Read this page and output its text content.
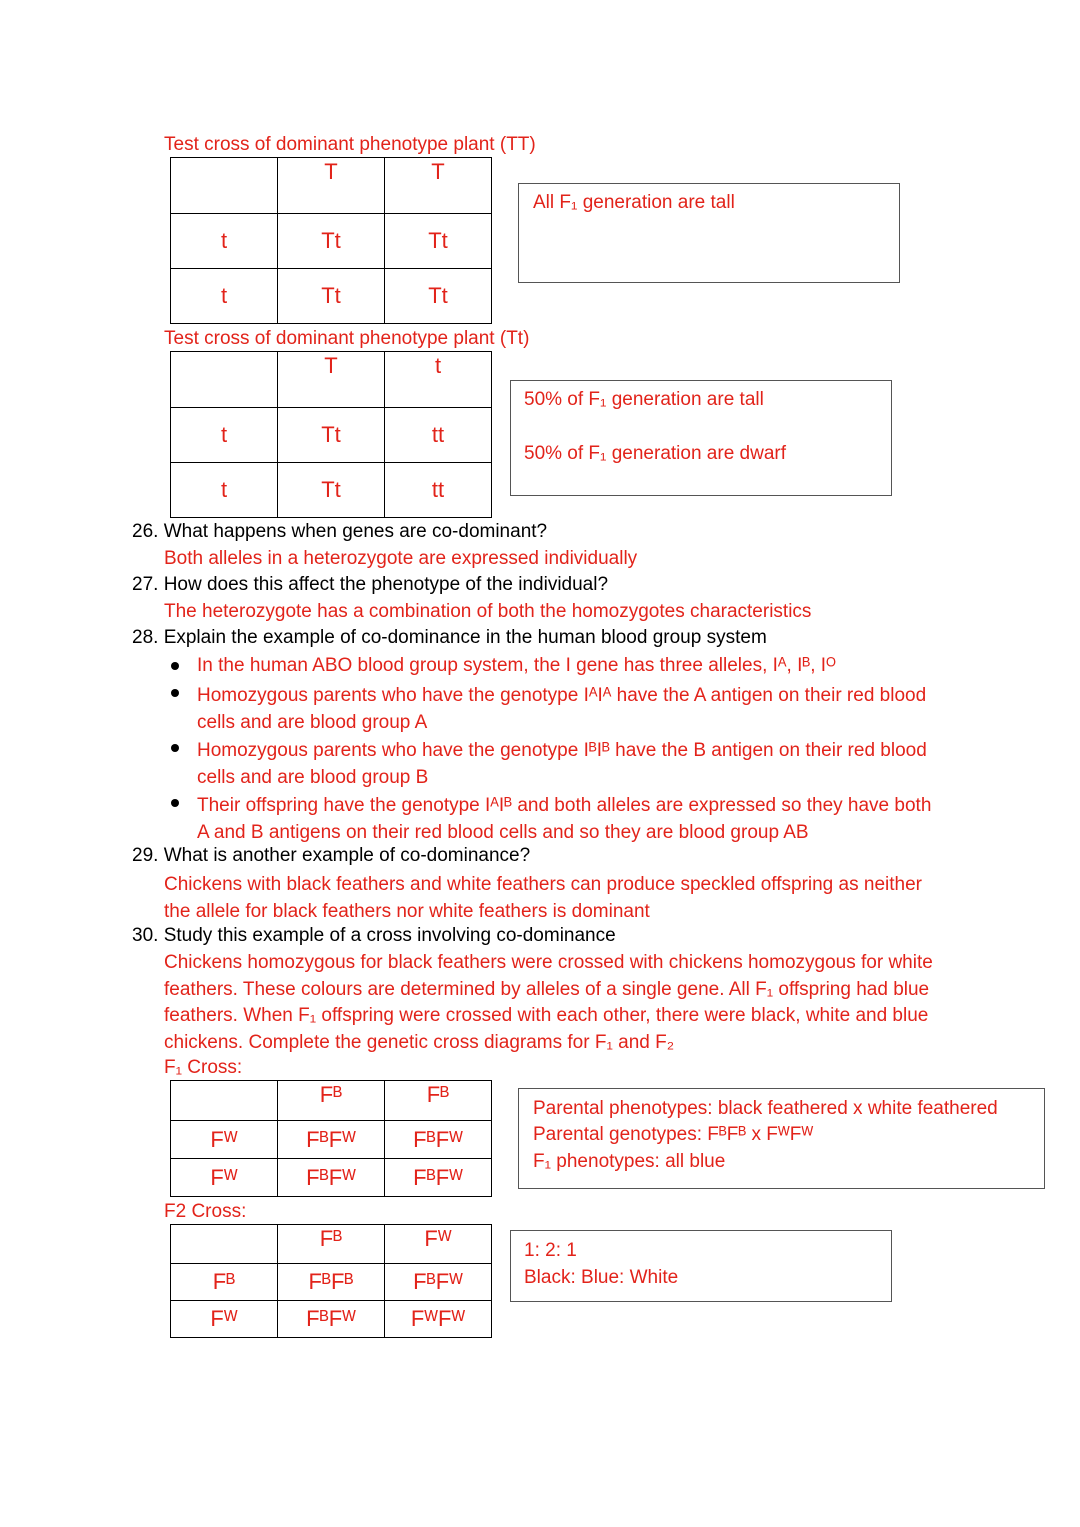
Test cross of dominant phenotype plant (TT)
	T	T
t	Tt	Tt
t	Tt	Tt
All F₁ generation are tall
Test cross of dominant phenotype plant (Tt)
	T	t
t	Tt	tt
t	Tt	tt
50% of F₁ generation are tall
50% of F₁ generation are dwarf
26. What happens when genes are co-dominant?
Both alleles in a heterozygote are expressed individually
27. How does this affect the phenotype of the individual?
The heterozygote has a combination of both the homozygotes characteristics
28. Explain the example of co-dominance in the human blood group system
In the human ABO blood group system, the I gene has three alleles, Iᴬ, Iᴮ, Iᴼ
Homozygous parents who have the genotype IᴬIᴬ have the A antigen on their red blood cells and are blood group A
Homozygous parents who have the genotype IᴮIᴮ have the B antigen on their red blood cells and are blood group B
Their offspring have the genotype IᴬIᴮ and both alleles are expressed so they have both A and B antigens on their red blood cells and so they are blood group AB
29. What is another example of co-dominance?
Chickens with black feathers and white feathers can produce speckled offspring as neither the allele for black feathers nor white feathers is dominant
30. Study this example of a cross involving co-dominance
Chickens homozygous for black feathers were crossed with chickens homozygous for white feathers. These colours are determined by alleles of a single gene. All F₁ offspring had blue feathers. When F₁ offspring were crossed with each other, there were black, white and blue chickens. Complete the genetic cross diagrams for F₁ and F₂
F₁ Cross:
	Fᴮ	Fᴮ
Fᵂ	FᴮFᵂ	FᴮFᵂ
Fᵂ	FᴮFᵂ	FᴮFᵂ
Parental phenotypes: black feathered x white feathered
Parental genotypes: FᴮFᴮ x FᵂFᵂ
F₁ phenotypes: all blue
F2 Cross:
	Fᴮ	Fᵂ
Fᴮ	FᴮFᴮ	FᴮFᵂ
Fᵂ	FᴮFᵂ	FᵂFᵂ
1: 2: 1
Black: Blue: White
